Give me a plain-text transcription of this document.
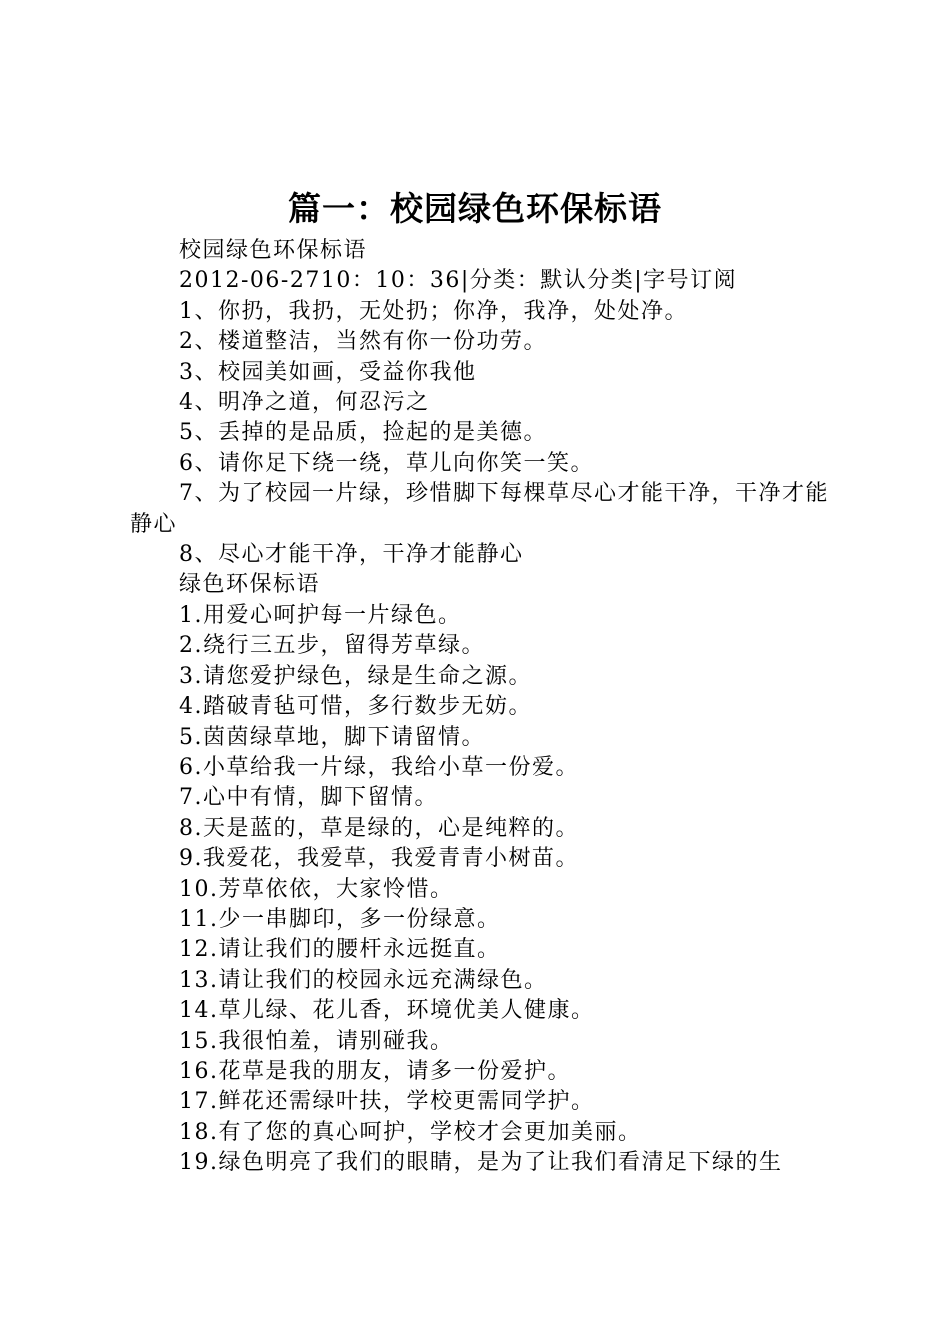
篇一：校园绿色环保标语

校园绿色环保标语

2012-06-2710：10：36|分类：默认分类|字号订阅

1、你扔，我扔，无处扔；你净，我净，处处净。

2、楼道整洁，当然有你一份功劳。

3、校园美如画，受益你我他

4、明净之道，何忍污之

5、丢掉的是品质，捡起的是美德。

6、请你足下绕一绕，草儿向你笑一笑。

7、为了校园一片绿，珍惜脚下每棵草尽心才能干净，干净才能静心

8、尽心才能干净，干净才能静心

绿色环保标语

1.用爱心呵护每一片绿色。

2.绕行三五步，留得芳草绿。

3.请您爱护绿色，绿是生命之源。

4.踏破青毡可惜，多行数步无妨。

5.茵茵绿草地，脚下请留情。

6.小草给我一片绿，我给小草一份爱。

7.心中有情，脚下留情。

8.天是蓝的，草是绿的，心是纯粹的。

9.我爱花，我爱草，我爱青青小树苗。

10.芳草依依，大家怜惜。

11.少一串脚印，多一份绿意。

12.请让我们的腰杆永远挺直。

13.请让我们的校园永远充满绿色。

14.草儿绿、花儿香，环境优美人健康。

15.我很怕羞，请别碰我。

16.花草是我的朋友，请多一份爱护。

17.鲜花还需绿叶扶，学校更需同学护。

18.有了您的真心呵护，学校才会更加美丽。

19.绿色明亮了我们的眼睛，是为了让我们看清足下绿的生
